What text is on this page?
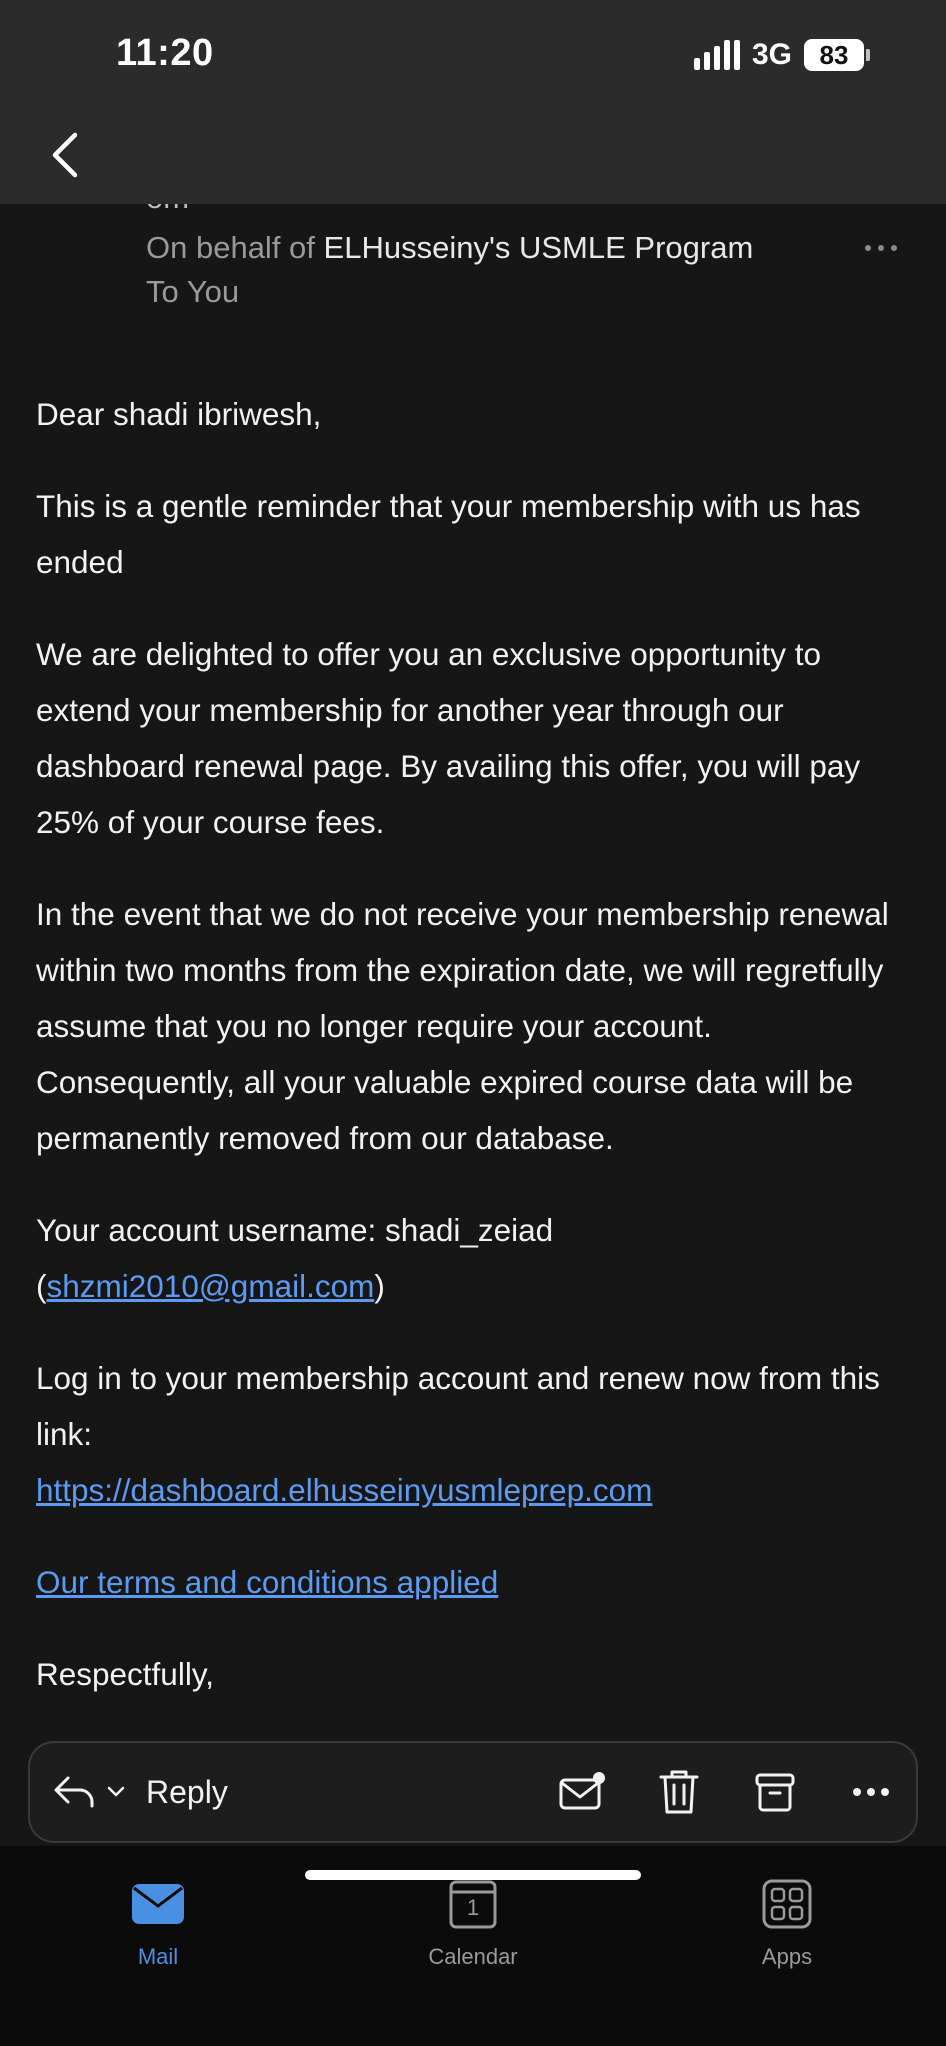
On behalf of ELHusseiny's USMLE Program
To You

Dear shadi ibriwesh,

This is a gentle reminder that your membership with us has ended

We are delighted to offer you an exclusive opportunity to extend your membership for another year through our dashboard renewal page. By availing this offer, you will pay 25% of your course fees.

In the event that we do not receive your membership renewal within two months from the expiration date, we will regretfully assume that you no longer require your account. Consequently, all your valuable expired course data will be permanently removed from our database.

Your account username: shadi_zeiad
(shzmi2010@gmail.com)

Log in to your membership account and renew now from this link:
https://dashboard.elhusseinyusmleprep.com

Our terms and conditions applied

Respectfully,

11:20	3G	83
Reply
Mail
1
Calendar	Apps
